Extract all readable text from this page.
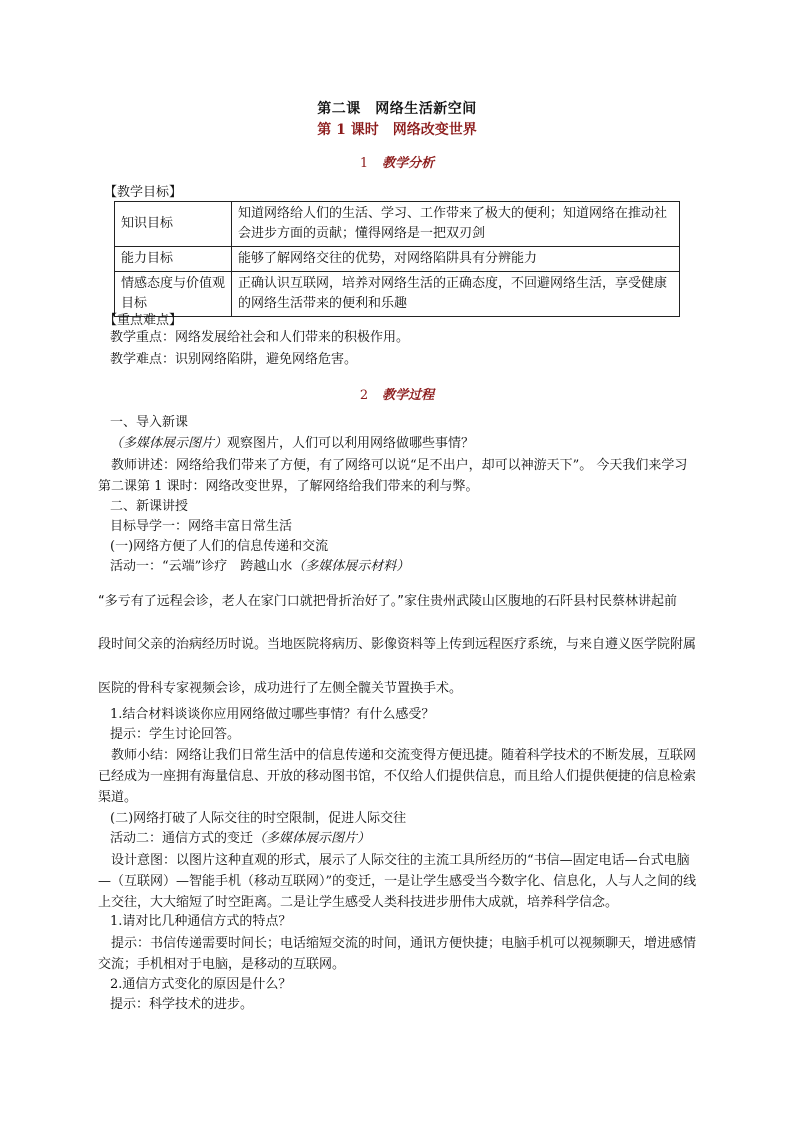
第二课　网络生活新空间
第 1 课时　网络改变世界
1 教学分析
【教学目标】
知识目标	知道网络给人们的生活、学习、工作带来了极大的便利；知道网络在推动社会进步方面的贡献；懂得网络是一把双刃剑
能力目标	能够了解网络交往的优势，对网络陷阱具有分辨能力
情感态度与价值观目标	正确认识互联网，培养对网络生活的正确态度，不回避网络生活，享受健康的网络生活带来的便利和乐趣
【重点难点】
教学重点：网络发展给社会和人们带来的积极作用。
教学难点：识别网络陷阱，避免网络危害。
2 教学过程
一、导入新课
（多媒体展示图片）观察图片，人们可以利用网络做哪些事情？
教师讲述：网络给我们带来了方便，有了网络可以说“足不出户，却可以神游天下”。 今天我们来学习第二课第 1 课时：网络改变世界，了解网络给我们带来的利与弊。
二、新课讲授
目标导学一：网络丰富日常生活
(一)网络方便了人们的信息传递和交流
活动一：“云端”诊疗　跨越山水（多媒体展示材料）
“多亏有了远程会诊，老人在家门口就把骨折治好了。”家住贵州武陵山区腹地的石阡县村民蔡林讲起前
段时间父亲的治病经历时说。当地医院将病历、影像资料等上传到远程医疗系统，与来自遵义医学院附属
医院的骨科专家视频会诊，成功进行了左侧全髋关节置换手术。
1.结合材料谈谈你应用网络做过哪些事情？有什么感受？
提示：学生讨论回答。
教师小结：网络让我们日常生活中的信息传递和交流变得方便迅捷。随着科学技术的不断发展，互联网已经成为一座拥有海量信息、开放的移动图书馆，不仅给人们提供信息，而且给人们提供便捷的信息检索渠道。
(二)网络打破了人际交往的时空限制，促进人际交往
活动二：通信方式的变迁（多媒体展示图片）
设计意图：以图片这种直观的形式，展示了人际交往的主流工具所经历的“书信—固定电话—台式电脑—（互联网）—智能手机（移动互联网）”的变迁，一是让学生感受当今数字化、信息化，人与人之间的线上交往，大大缩短了时空距离。二是让学生感受人类科技进步册伟大成就，培养科学信念。
1.请对比几种通信方式的特点？
提示：书信传递需要时间长；电话缩短交流的时间，通讯方便快捷；电脑手机可以视频聊天，增进感情交流；手机相对于电脑，是移动的互联网。
2.通信方式变化的原因是什么？
提示：科学技术的进步。
